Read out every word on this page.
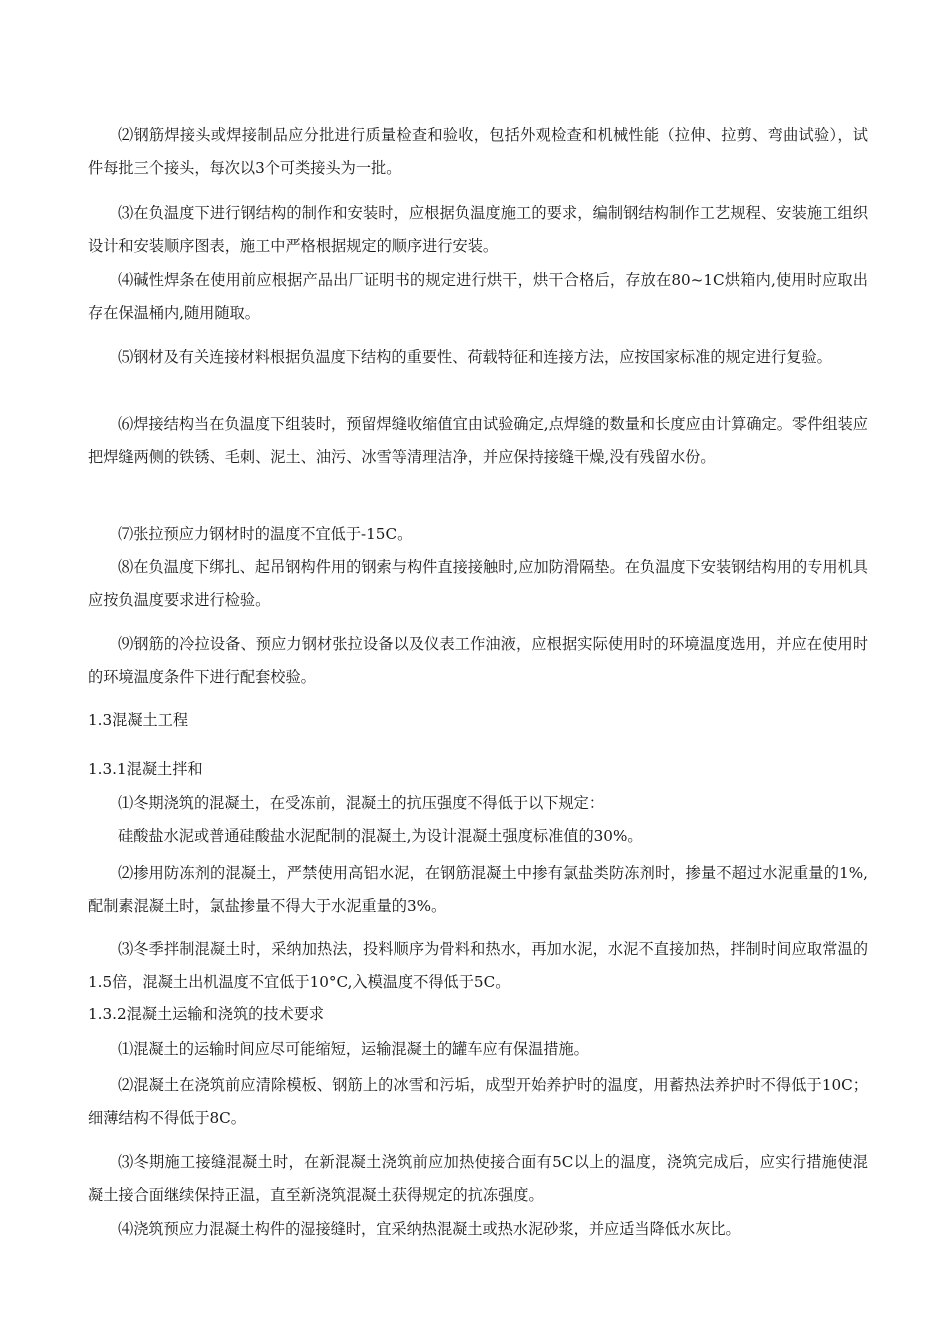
⑵钢筋焊接头或焊接制品应分批进行质量检查和验收，包括外观检查和机械性能（拉伸、拉剪、弯曲试验），试件每批三个接头，每次以3个可类接头为一批。

⑶在负温度下进行钢结构的制作和安装时，应根据负温度施工的要求，编制钢结构制作工艺规程、安装施工组织设计和安装顺序图表，施工中严格根据规定的顺序进行安装。

⑷碱性焊条在使用前应根据产品出厂证明书的规定进行烘干，烘干合格后，存放在80~1C烘箱内,使用时应取出存在保温桶内,随用随取。

⑸钢材及有关连接材料根据负温度下结构的重要性、荷载特征和连接方法，应按国家标准的规定进行复验。

⑹焊接结构当在负温度下组装时，预留焊缝收缩值宜由试验确定,点焊缝的数量和长度应由计算确定。零件组装应把焊缝两侧的铁锈、毛刺、泥土、油污、冰雪等清理洁净，并应保持接缝干燥,没有残留水份。

⑺张拉预应力钢材时的温度不宜低于-15C。

⑻在负温度下绑扎、起吊钢构件用的钢索与构件直接接触时,应加防滑隔垫。在负温度下安装钢结构用的专用机具应按负温度要求进行检验。

⑼钢筋的冷拉设备、预应力钢材张拉设备以及仪表工作油液，应根据实际使用时的环境温度选用，并应在使用时的环境温度条件下进行配套校验。

1.3混凝土工程

1.3.1混凝土拌和

⑴冬期浇筑的混凝土，在受冻前，混凝土的抗压强度不得低于以下规定：

硅酸盐水泥或普通硅酸盐水泥配制的混凝土,为设计混凝土强度标准值的30%。

⑵掺用防冻剂的混凝土，严禁使用高铝水泥，在钢筋混凝土中掺有氯盐类防冻剂时，掺量不超过水泥重量的1%,配制素混凝土时，氯盐掺量不得大于水泥重量的3%。

⑶冬季拌制混凝土时，采纳加热法，投料顺序为骨料和热水，再加水泥，水泥不直接加热，拌制时间应取常温的1.5倍，混凝土出机温度不宜低于10°C,入模温度不得低于5C。

1.3.2混凝土运输和浇筑的技术要求

⑴混凝土的运输时间应尽可能缩短，运输混凝土的罐车应有保温措施。

⑵混凝土在浇筑前应清除模板、钢筋上的冰雪和污垢，成型开始养护时的温度，用蓄热法养护时不得低于10C；细薄结构不得低于8C。

⑶冬期施工接缝混凝土时，在新混凝土浇筑前应加热使接合面有5C以上的温度，浇筑完成后，应实行措施使混凝土接合面继续保持正温，直至新浇筑混凝土获得规定的抗冻强度。

⑷浇筑预应力混凝土构件的湿接缝时，宜采纳热混凝土或热水泥砂浆，并应适当降低水灰比。
